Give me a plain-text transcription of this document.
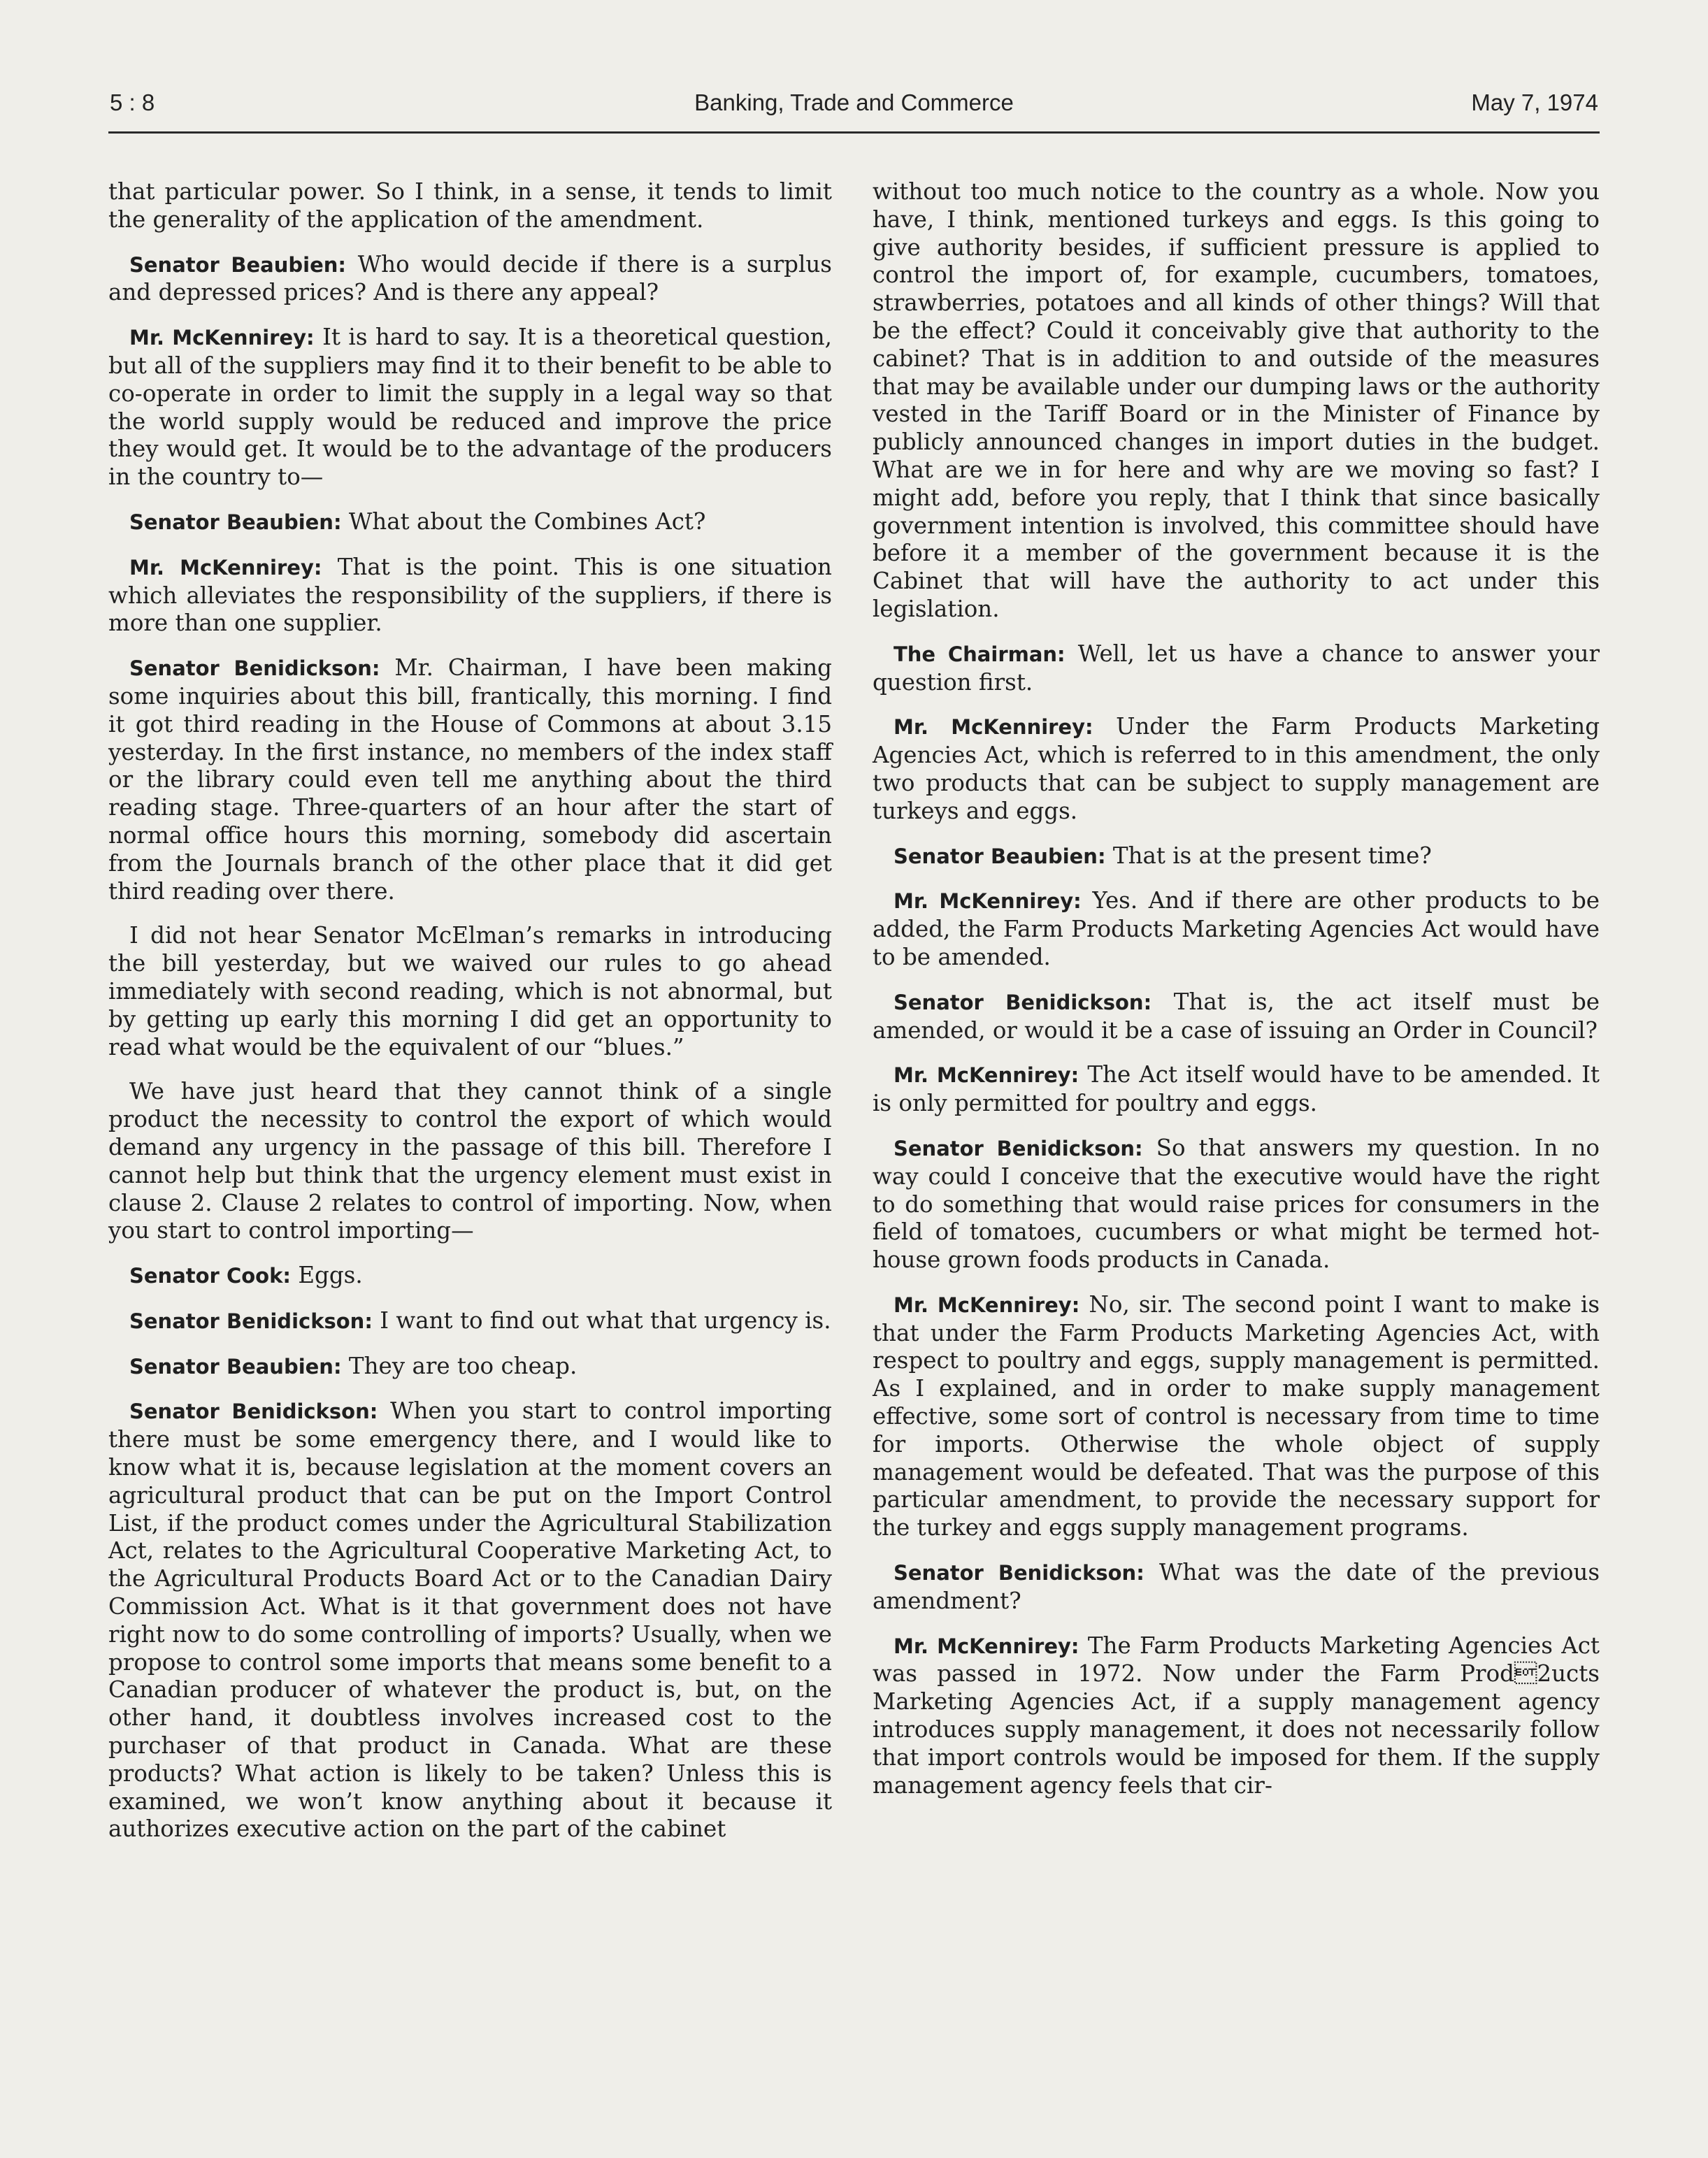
5 : 8	Banking, Trade and Commerce	May 7, 1974

that particular power. So I think, in a sense, it tends to limit the generality of the application of the amendment.

Senator Beaubien: Who would decide if there is a surplus and depressed prices? And is there any appeal?

Mr. McKennirey: It is hard to say. It is a theoretical question, but all of the suppliers may find it to their benefit to be able to co-operate in order to limit the supply in a legal way so that the world supply would be reduced and improve the price they would get. It would be to the advantage of the producers in the country to—

Senator Beaubien: What about the Combines Act?

Mr. McKennirey: That is the point. This is one situation which alleviates the responsibility of the suppliers, if there is more than one supplier.

Senator Benidickson: Mr. Chairman, I have been making some inquiries about this bill, frantically, this morning. I find it got third reading in the House of Commons at about 3.15 yesterday. In the first instance, no members of the index staff or the library could even tell me anything about the third reading stage. Three-quarters of an hour after the start of normal office hours this morning, somebody did ascertain from the Journals branch of the other place that it did get third reading over there.

I did not hear Senator McElman’s remarks in introducing the bill yesterday, but we waived our rules to go ahead immediately with second reading, which is not abnormal, but by getting up early this morning I did get an opportunity to read what would be the equivalent of our “blues.”

We have just heard that they cannot think of a single product the necessity to control the export of which would demand any urgency in the passage of this bill. Therefore I cannot help but think that the urgency element must exist in clause 2. Clause 2 relates to control of importing. Now, when you start to control importing—

Senator Cook: Eggs.

Senator Benidickson: I want to find out what that urgency is.

Senator Beaubien: They are too cheap.

Senator Benidickson: When you start to control importing there must be some emergency there, and I would like to know what it is, because legislation at the moment covers an agricultural product that can be put on the Import Control List, if the product comes under the Agricultural Stabilization Act, relates to the Agricultural Cooperative Marketing Act, to the Agricultural Products Board Act or to the Canadian Dairy Commission Act. What is it that government does not have right now to do some controlling of imports? Usually, when we propose to control some imports that means some benefit to a Canadian producer of whatever the product is, but, on the other hand, it doubtless involves increased cost to the purchaser of that product in Canada. What are these products? What action is likely to be taken? Unless this is examined, we won’t know anything about it because it authorizes executive action on the part of the cabinet

without too much notice to the country as a whole. Now you have, I think, mentioned turkeys and eggs. Is this going to give authority besides, if sufficient pressure is applied to control the import of, for example, cucumbers, tomatoes, strawberries, potatoes and all kinds of other things? Will that be the effect? Could it conceivably give that authority to the cabinet? That is in addition to and outside of the measures that may be available under our dumping laws or the authority vested in the Tariff Board or in the Minister of Finance by publicly announced changes in import duties in the budget. What are we in for here and why are we moving so fast? I might add, before you reply, that I think that since basically government intention is involved, this committee should have before it a member of the government because it is the Cabinet that will have the authority to act under this legislation.

The Chairman: Well, let us have a chance to answer your question first.

Mr. McKennirey: Under the Farm Products Marketing Agencies Act, which is referred to in this amendment, the only two products that can be subject to supply management are turkeys and eggs.

Senator Beaubien: That is at the present time?

Mr. McKennirey: Yes. And if there are other products to be added, the Farm Products Marketing Agencies Act would have to be amended.

Senator Benidickson: That is, the act itself must be amended, or would it be a case of issuing an Order in Council?

Mr. McKennirey: The Act itself would have to be amended. It is only permitted for poultry and eggs.

Senator Benidickson: So that answers my question. In no way could I conceive that the executive would have the right to do something that would raise prices for consumers in the field of tomatoes, cucumbers or what might be termed hot-house grown foods products in Canada.

Mr. McKennirey: No, sir. The second point I want to make is that under the Farm Products Marketing Agencies Act, with respect to poultry and eggs, supply management is permitted. As I explained, and in order to make supply management effective, some sort of control is necessary from time to time for imports. Otherwise the whole object of supply management would be defeated. That was the purpose of this particular amendment, to provide the necessary support for the turkey and eggs supply management programs.

Senator Benidickson: What was the date of the previous amendment?

Mr. McKennirey: The Farm Products Marketing Agencies Act was passed in 1972. Now under the Farm Prod2ucts Marketing Agencies Act, if a supply management agency introduces supply management, it does not necessarily follow that import controls would be imposed for them. If the supply management agency feels that cir-
